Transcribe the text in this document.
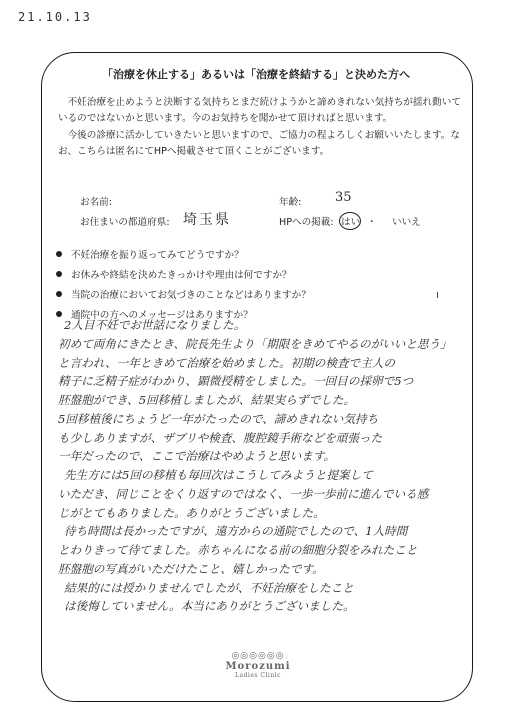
21.10.13
「治療を休止する」あるいは「治療を終結する」と決めた方へ

不妊治療を止めようと決断する気持ちとまだ続けようかと諦めきれない気持ちが揺れ動いているのではないかと思います。今のお気持ちを聞かせて頂ければと思います。

今後の診療に活かしていきたいと思いますので、ご協力の程よろしくお願いいたします。なお、こちらは匿名にてHPへ掲載させて頂くことがございます。

お名前:	年齢:	35
お住まいの都道府県: 埼玉県	HPへの掲載: はい ・ いいえ
不妊治療を振り返ってみてどうですか？
お休みや終結を決めたきっかけや理由は何ですか？
当院の治療においてお気づきのことなどはありますか？
通院中の方へのメッセージはありますか？
2人目不妊でお世話になりました。
初めて両角にきたとき、院長先生より「期限をきめてやるのがいいと思う」
と言われ、一年ときめて治療を始めました。初期の検査で主人の
精子に乏精子症がわかり、顕微授精をしました。一回目の採卵で5つ
胚盤胞ができ、5回移植しましたが、結果実らずでした。
5回移植後にちょうど一年がたったので、諦めきれない気持ち
も少しありますが、ザブリや検査、腹腔鏡手術などを頑張った
一年だったので、ここで治療はやめようと思います。
先生方には5回の移植も毎回次はこうしてみようと提案して
いただき、同じことをくり返すのではなく、一歩一歩前に進んでいる感
じがとてもありました。ありがとうございました。
待ち時間は長かったですが、遠方からの通院でしたので、1人時間
とわりきって待てました。赤ちゃんになる前の細胞分裂をみれたこと
胚盤胞の写真がいただけたこと、嬉しかったです。
結果的には授かりませんでしたが、不妊治療をしたこと
は後悔していません。本当にありがとうございました。
◎◎◎◎◎◎
Morozumi
Ladies Clinic
